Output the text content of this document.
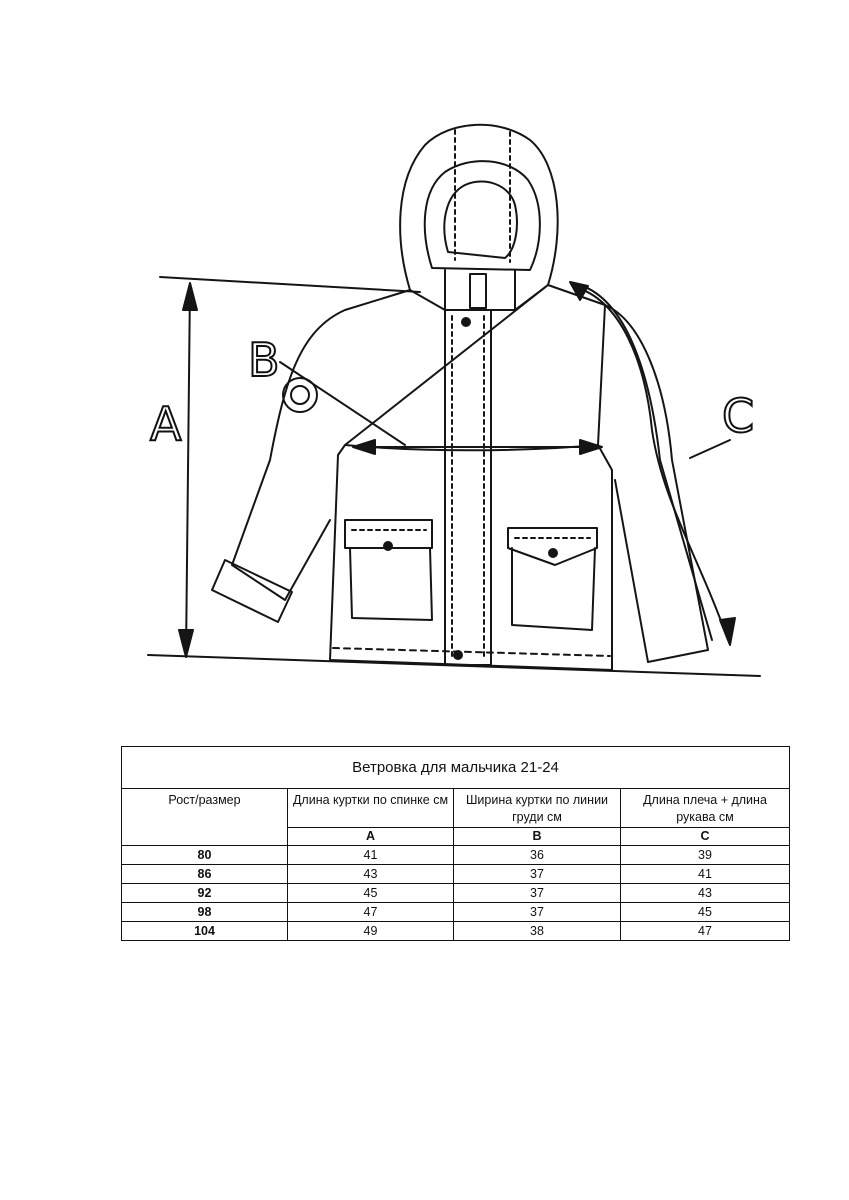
A
B
C
Ветровка для мальчика 21-24			
Рост/размер	Длина куртки по спинке см	Ширина куртки по линии груди см	Длина плеча + длина рукава см
	A	B	C
80	41	36	39
86	43	37	41
92	45	37	43
98	47	37	45
104	49	38	47
